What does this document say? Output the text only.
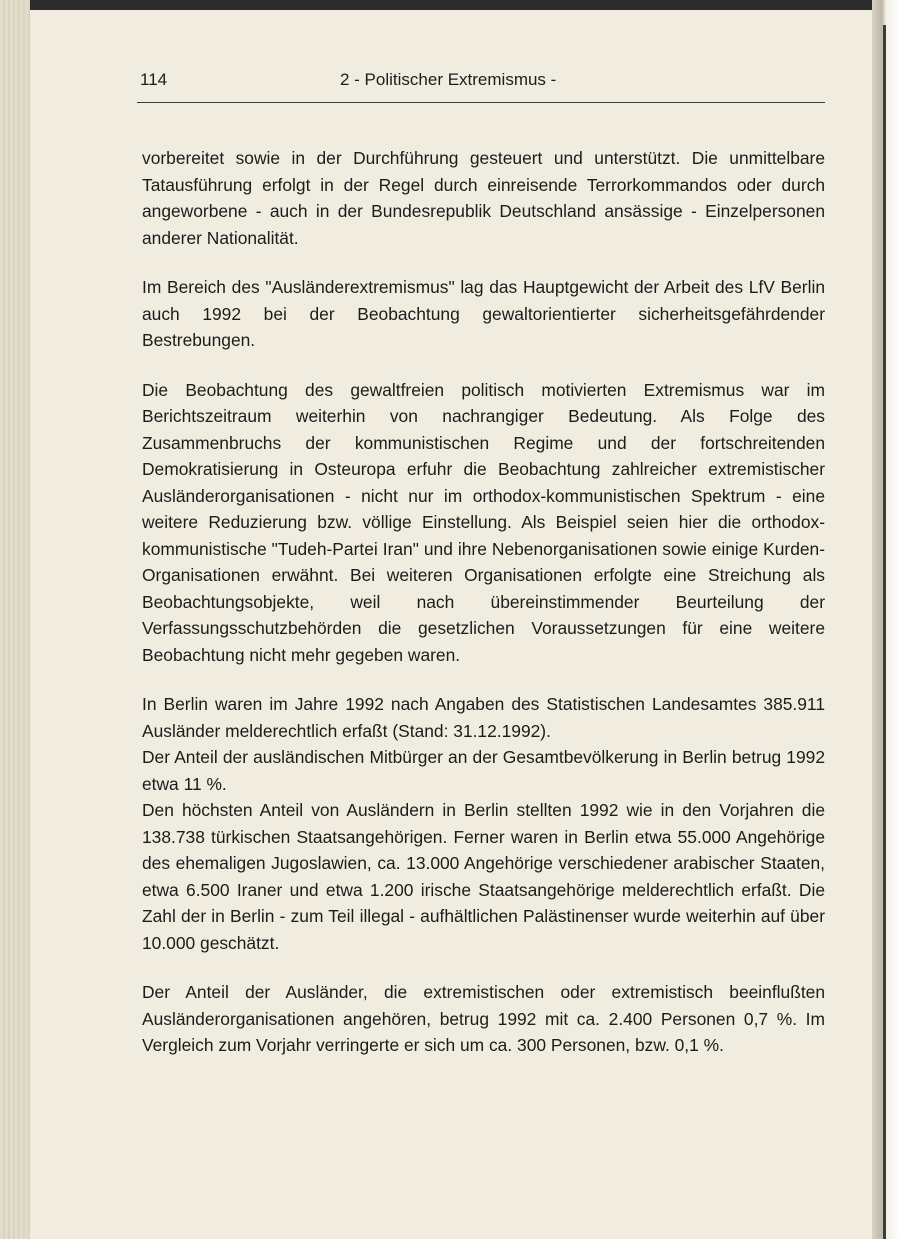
114	2 - Politischer Extremismus -

vorbereitet sowie in der Durchführung gesteuert und unterstützt. Die unmittelbare Tatausführung erfolgt in der Regel durch einreisende Terrorkommandos oder durch angeworbene - auch in der Bundesrepublik Deutschland ansässige - Einzelpersonen anderer Nationalität.

Im Bereich des "Ausländerextremismus" lag das Hauptgewicht der Arbeit des LfV Berlin auch 1992 bei der Beobachtung gewaltorientierter sicherheitsgefährdender Bestrebungen.

Die Beobachtung des gewaltfreien politisch motivierten Extremismus war im Berichtszeitraum weiterhin von nachrangiger Bedeutung. Als Folge des Zusammenbruchs der kommunistischen Regime und der fortschreitenden Demokratisierung in Osteuropa erfuhr die Beobachtung zahlreicher extremistischer Ausländerorganisationen - nicht nur im orthodox-kommunistischen Spektrum - eine weitere Reduzierung bzw. völlige Einstellung. Als Beispiel seien hier die orthodox-kommunistische "Tudeh-Partei Iran" und ihre Nebenorganisationen sowie einige Kurden-Organisationen erwähnt. Bei weiteren Organisationen erfolgte eine Streichung als Beobachtungsobjekte, weil nach übereinstimmender Beurteilung der Verfassungsschutzbehörden die gesetzlichen Voraussetzungen für eine weitere Beobachtung nicht mehr gegeben waren.

In Berlin waren im Jahre 1992 nach Angaben des Statistischen Landesamtes 385.911 Ausländer melderechtlich erfaßt (Stand: 31.12.1992).

Der Anteil der ausländischen Mitbürger an der Gesamtbevölkerung in Berlin betrug 1992 etwa 11 %.

Den höchsten Anteil von Ausländern in Berlin stellten 1992 wie in den Vorjahren die 138.738 türkischen Staatsangehörigen. Ferner waren in Berlin etwa 55.000 Angehörige des ehemaligen Jugoslawien, ca. 13.000 Angehörige verschiedener arabischer Staaten, etwa 6.500 Iraner und etwa 1.200 irische Staatsangehörige melderechtlich erfaßt. Die Zahl der in Berlin - zum Teil illegal - aufhältlichen Palästinenser wurde weiterhin auf über 10.000 geschätzt.

Der Anteil der Ausländer, die extremistischen oder extremistisch beeinflußten Ausländerorganisationen angehören, betrug 1992 mit ca. 2.400 Personen 0,7 %. Im Vergleich zum Vorjahr verringerte er sich um ca. 300 Personen, bzw. 0,1 %.
